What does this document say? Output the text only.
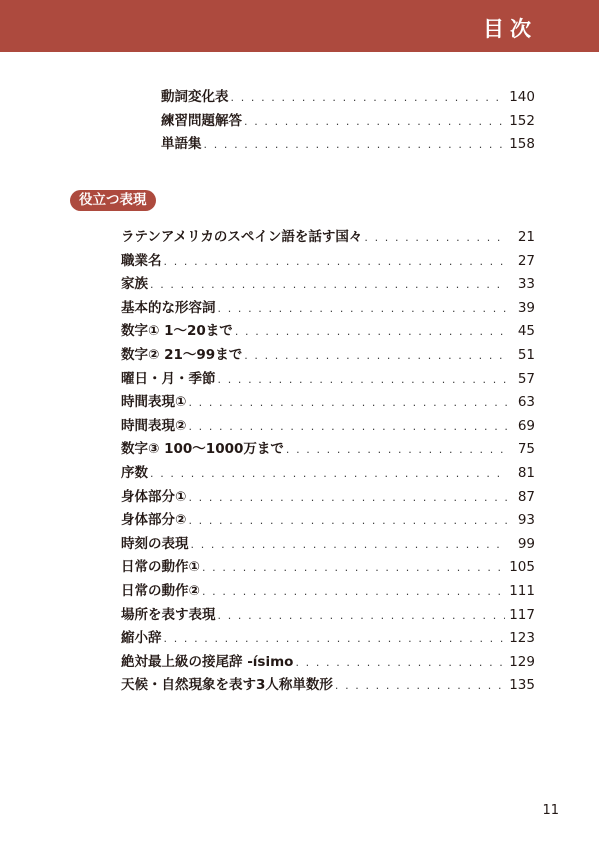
目次
動詞変化表 . . .	140
練習問題解答 . . .	152
単語集 . . .	158
役立つ表現
ラテンアメリカのスペイン語を話す国々 . . .	21
職業名 . . .	27
家族 . . .	33
基本的な形容詞 . . .	39
数字① 1〜20まで . . .	45
数字② 21〜99まで . . .	51
曜日・月・季節 . . .	57
時間表現① . . .	63
時間表現② . . .	69
数字③ 100〜1000万まで . . .	75
序数 . . .	81
身体部分① . . .	87
身体部分② . . .	93
時刻の表現 . . .	99
日常の動作① . . .	105
日常の動作② . . .	111
場所を表す表現 . . .	117
縮小辞 . . .	123
絶対最上級の接尾辞 -ísimo . . .	129
天候・自然現象を表す3人称単数形 . . .	135
11
